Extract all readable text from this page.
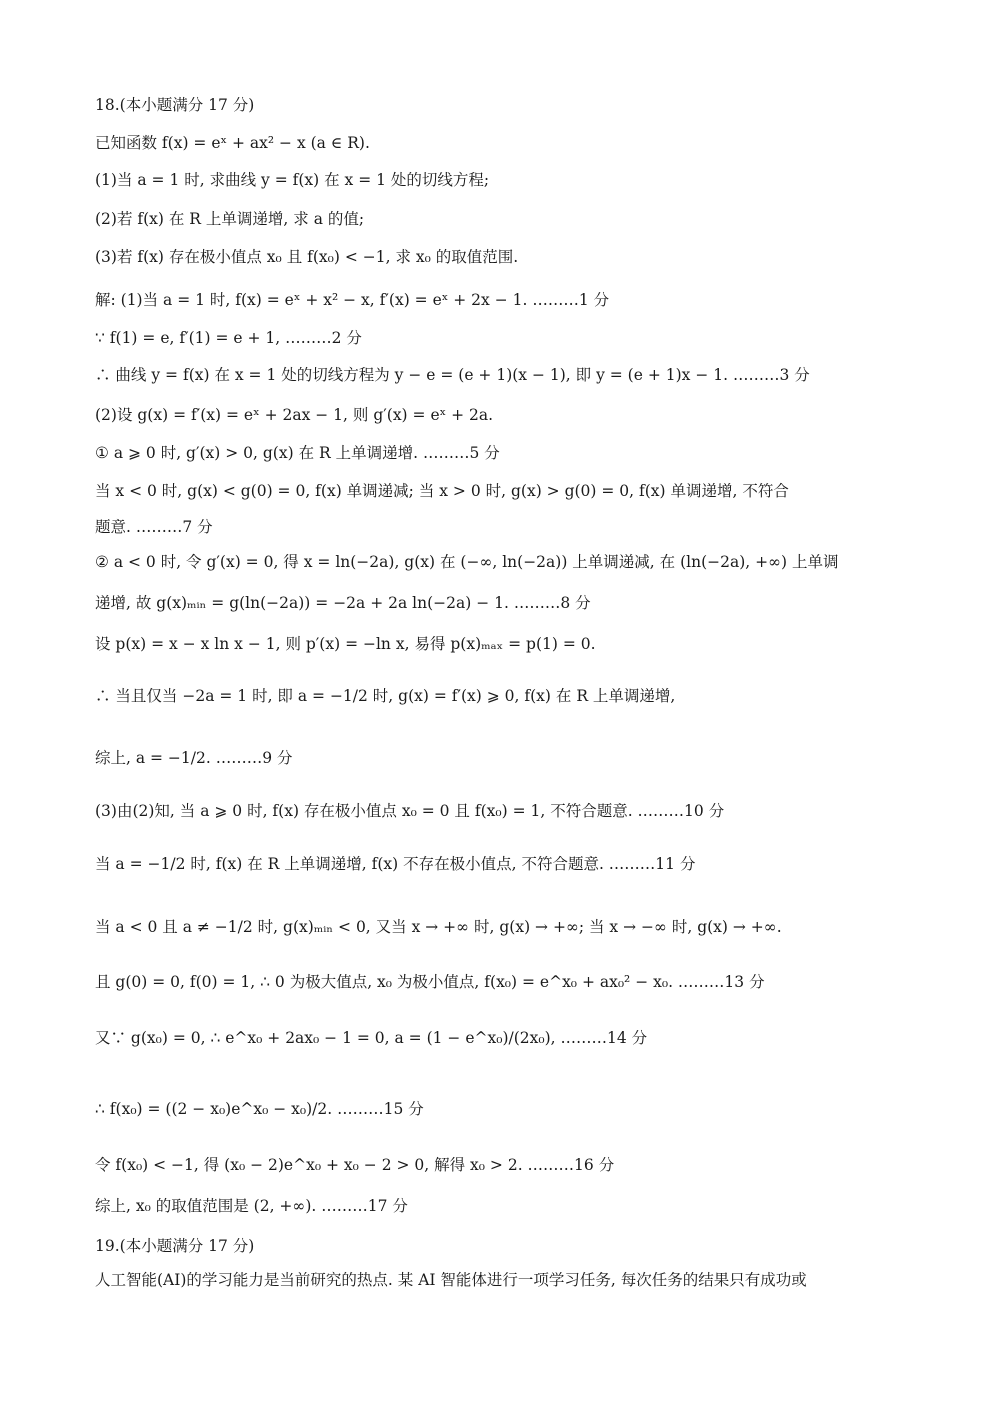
18.(本小题满分 17 分)
已知函数 f(x) = eˣ + ax² − x (a ∈ R).
(1)当 a = 1 时, 求曲线 y = f(x) 在 x = 1 处的切线方程;
(2)若 f(x) 在 R 上单调递增, 求 a 的值;
(3)若 f(x) 存在极小值点 x₀ 且 f(x₀) < −1, 求 x₀ 的取值范围.
解: (1)当 a = 1 时, f(x) = eˣ + x² − x, f′(x) = eˣ + 2x − 1. ………1 分
∵ f(1) = e, f′(1) = e + 1, ………2 分
∴ 曲线 y = f(x) 在 x = 1 处的切线方程为 y − e = (e + 1)(x − 1), 即 y = (e + 1)x − 1. ………3 分
(2)设 g(x) = f′(x) = eˣ + 2ax − 1, 则 g′(x) = eˣ + 2a.
① a ⩾ 0 时, g′(x) > 0, g(x) 在 R 上单调递增. ………5 分
当 x < 0 时, g(x) < g(0) = 0, f(x) 单调递减; 当 x > 0 时, g(x) > g(0) = 0, f(x) 单调递增, 不符合
题意. ………7 分
② a < 0 时, 令 g′(x) = 0, 得 x = ln(−2a), g(x) 在 (−∞, ln(−2a)) 上单调递减, 在 (ln(−2a), +∞) 上单调
递增, 故 g(x)ₘᵢₙ = g(ln(−2a)) = −2a + 2a ln(−2a) − 1. ………8 分
设 p(x) = x − x ln x − 1, 则 p′(x) = −ln x, 易得 p(x)ₘₐₓ = p(1) = 0.
∴ 当且仅当 −2a = 1 时, 即 a = −1/2 时, g(x) = f′(x) ⩾ 0, f(x) 在 R 上单调递增,
综上, a = −1/2. ………9 分
(3)由(2)知, 当 a ⩾ 0 时, f(x) 存在极小值点 x₀ = 0 且 f(x₀) = 1, 不符合题意. ………10 分
当 a = −1/2 时, f(x) 在 R 上单调递增, f(x) 不存在极小值点, 不符合题意. ………11 分
当 a < 0 且 a ≠ −1/2 时, g(x)ₘᵢₙ < 0, 又当 x → +∞ 时, g(x) → +∞; 当 x → −∞ 时, g(x) → +∞.
且 g(0) = 0, f(0) = 1, ∴ 0 为极大值点, x₀ 为极小值点, f(x₀) = e^x₀ + ax₀² − x₀. ………13 分
又∵ g(x₀) = 0, ∴ e^x₀ + 2ax₀ − 1 = 0, a = (1 − e^x₀)/(2x₀), ………14 分
∴ f(x₀) = ((2 − x₀)e^x₀ − x₀)/2. ………15 分
令 f(x₀) < −1, 得 (x₀ − 2)e^x₀ + x₀ − 2 > 0, 解得 x₀ > 2. ………16 分
综上, x₀ 的取值范围是 (2, +∞). ………17 分
19.(本小题满分 17 分)
人工智能(AI)的学习能力是当前研究的热点. 某 AI 智能体进行一项学习任务, 每次任务的结果只有成功或
